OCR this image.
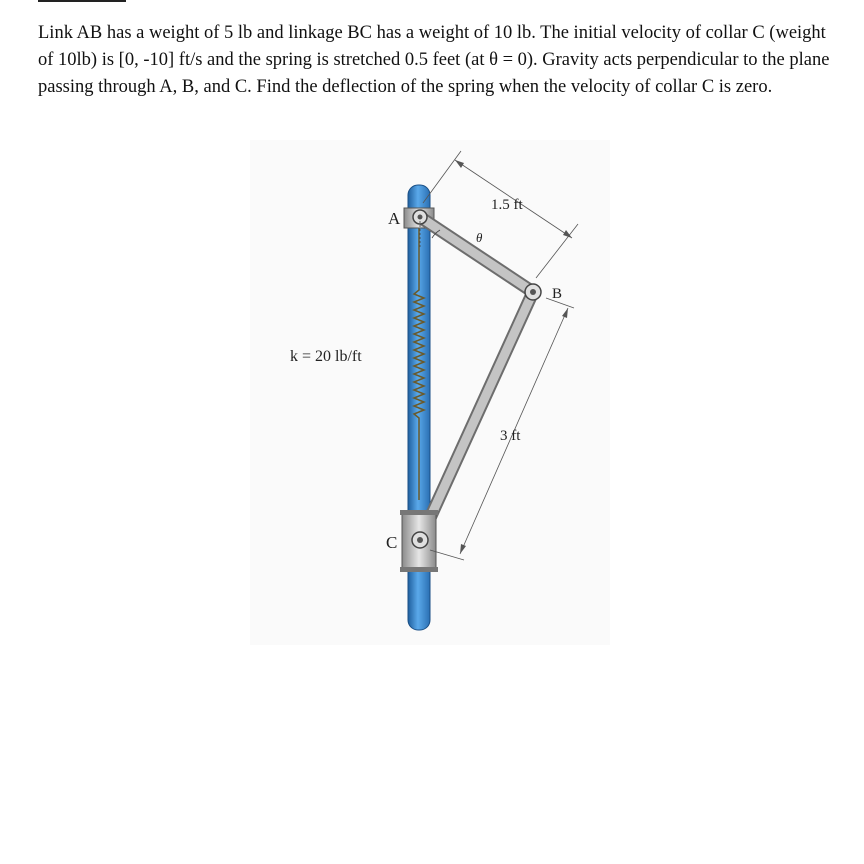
Link AB has a weight of 5 lb and linkage BC has a weight of 10 lb. The initial velocity of collar C (weight of 10lb) is [0, -10] ft/s and the spring is stretched 0.5 feet (at θ = 0). Gravity acts perpendicular to the plane passing through A, B, and C. Find the deflection of the spring when the velocity of collar C is zero.

A
B
C
θ
1.5 ft
3 ft
k = 20 lb/ft
